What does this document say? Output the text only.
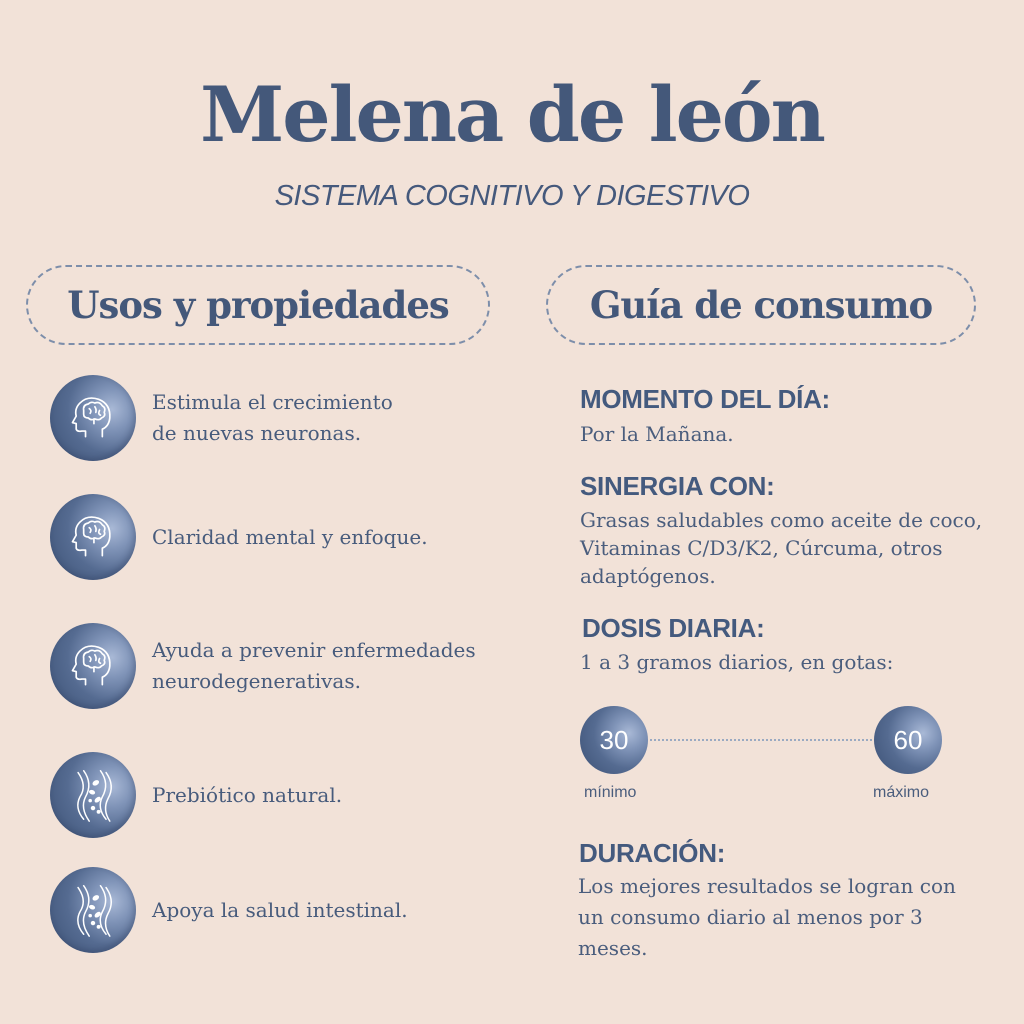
Melena de león
SISTEMA COGNITIVO Y DIGESTIVO
Usos y propiedades	Guía de consumo
Estimula el crecimiento
de nuevas neuronas.
Claridad mental y enfoque.
Ayuda a prevenir enfermedades
neurodegenerativas.
Prebiótico natural.
Apoya la salud intestinal.
MOMENTO DEL DÍA:
Por la Mañana.
SINERGIA CON:
Grasas saludables como aceite de coco, Vitaminas C/D3/K2, Cúrcuma, otros adaptógenos.
DOSIS DIARIA:
1 a 3 gramos diarios, en gotas:
30	60
mínimo	máximo
DURACIÓN:
Los mejores resultados se logran con un consumo diario al menos por 3 meses.
